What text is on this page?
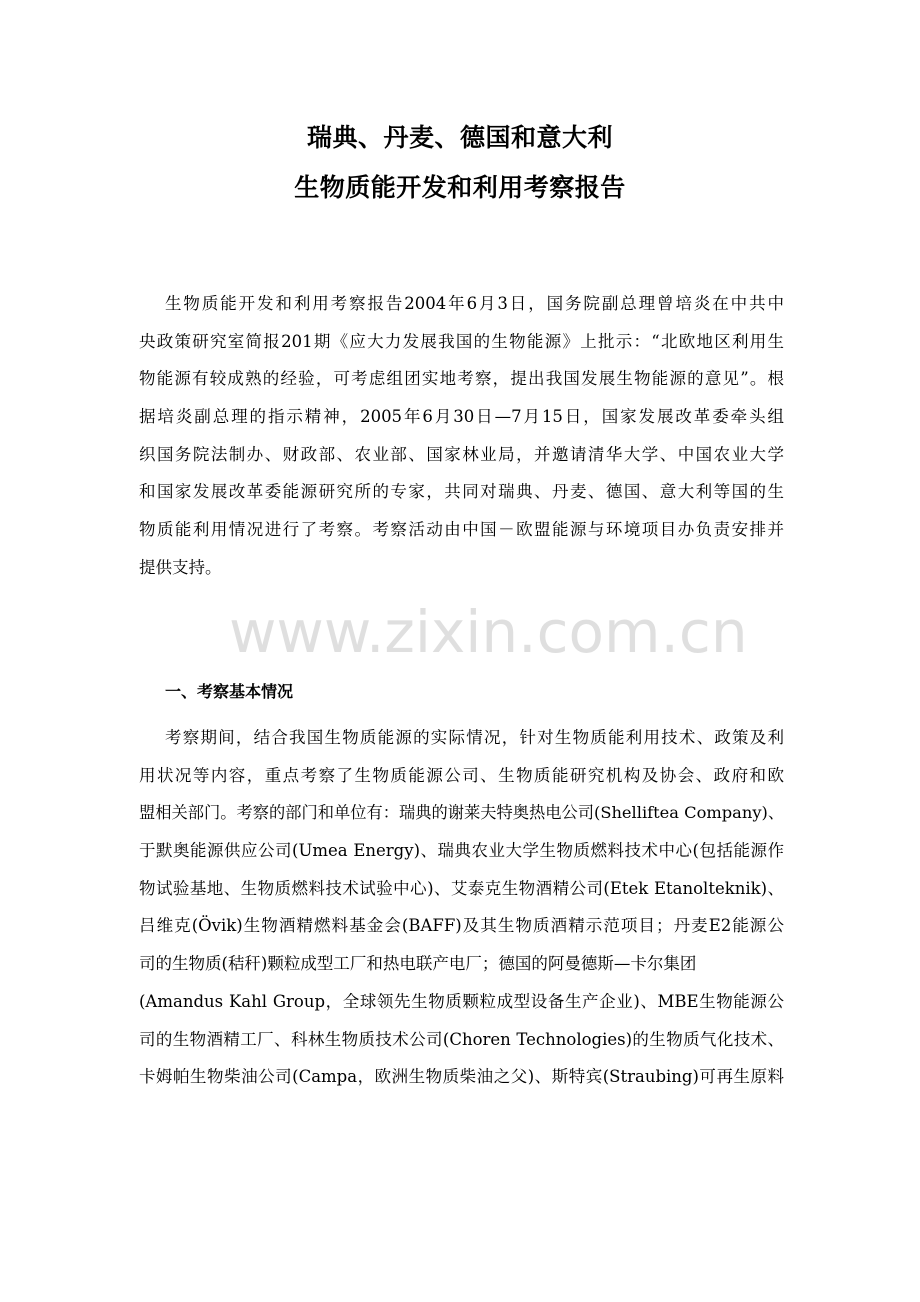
瑞典、丹麦、德国和意大利
生物质能开发和利用考察报告
生物质能开发和利用考察报告2004年6月3日，国务院副总理曾培炎在中共中
央政策研究室简报201期《应大力发展我国的生物能源》上批示：“北欧地区利用生
物能源有较成熟的经验，可考虑组团实地考察，提出我国发展生物能源的意见”。根
据培炎副总理的指示精神，2005年6月30日—7月15日，国家发展改革委牵头组
织国务院法制办、财政部、农业部、国家林业局，并邀请清华大学、中国农业大学
和国家发展改革委能源研究所的专家，共同对瑞典、丹麦、德国、意大利等国的生
物质能利用情况进行了考察。考察活动由中国－欧盟能源与环境项目办负责安排并
提供支持。
一、考察基本情况
考察期间，结合我国生物质能源的实际情况，针对生物质能利用技术、政策及利
用状况等内容，重点考察了生物质能源公司、生物质能研究机构及协会、政府和欧
盟相关部门。考察的部门和单位有：瑞典的谢莱夫特奥热电公司(Shelliftea Company)、
于默奥能源供应公司(Umea Energy)、瑞典农业大学生物质燃料技术中心(包括能源作
物试验基地、生物质燃料技术试验中心)、艾泰克生物酒精公司(Etek Etanolteknik)、
吕维克(Övik)生物酒精燃料基金会(BAFF)及其生物质酒精示范项目；丹麦E2能源公
司的生物质(秸秆)颗粒成型工厂和热电联产电厂；德国的阿曼德斯—卡尔集团
(Amandus Kahl Group，全球领先生物质颗粒成型设备生产企业)、MBE生物能源公
司的生物酒精工厂、科林生物质技术公司(Choren Technologies)的生物质气化技术、
卡姆帕生物柴油公司(Campa，欧洲生物质柴油之父)、斯特宾(Straubing)可再生原料
www.zixin.com.cn
